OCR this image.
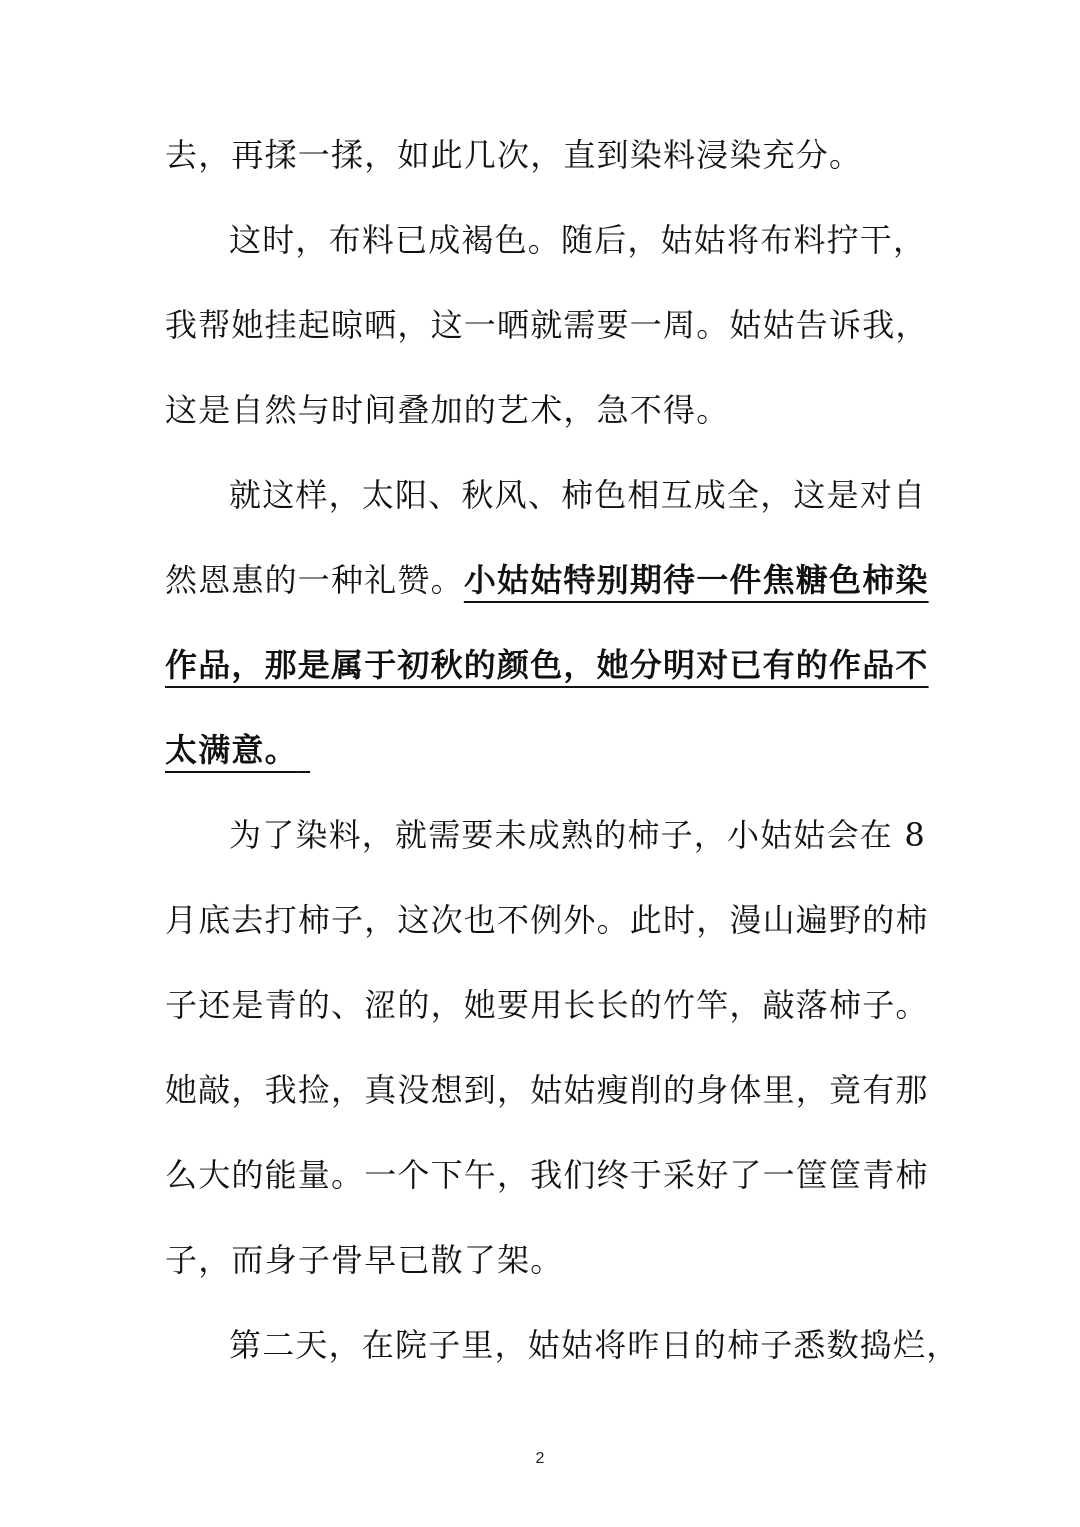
去，再揉一揉，如此几次，直到染料浸染充分。

这时，布料已成褐色。随后，姑姑将布料拧干，
我帮她挂起晾晒，这一晒就需要一周。姑姑告诉我，
这是自然与时间叠加的艺术，急不得。

就这样，太阳、秋风、柿色相互成全，这是对自
然恩惠的一种礼赞。小姑姑特别期待一件焦糖色柿染
作品，那是属于初秋的颜色，她分明对已有的作品不
太满意。

为了染料，就需要未成熟的柿子，小姑姑会在 8
月底去打柿子，这次也不例外。此时，漫山遍野的柿
子还是青的、涩的，她要用长长的竹竿，敲落柿子。
她敲，我捡，真没想到，姑姑瘦削的身体里，竟有那
么大的能量。一个下午，我们终于采好了一筐筐青柿
子，而身子骨早已散了架。

第二天，在院子里，姑姑将昨日的柿子悉数捣烂，

2
